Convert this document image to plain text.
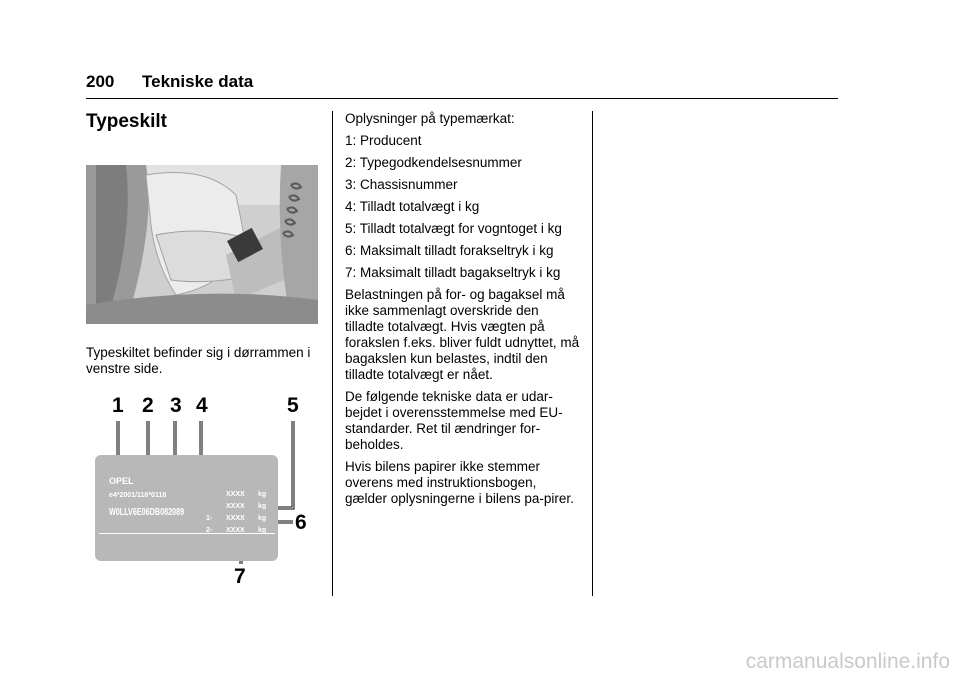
200 Tekniske data
Typeskilt
Typeskiltet befinder sig i dørrammen i venstre side.
1 2 3 4	5
OPEL
e4*2001/116*0118
W0LLV6E06DB082089
XXXX
XXXX
XXXX
XXXX
kg
kg
kg
kg
1-
2-	6
7

Oplysninger på typemærkat:

1: Producent

2: Typegodkendelsesnummer

3: Chassisnummer

4: Tilladt totalvægt i kg

5: Tilladt totalvægt for vogntoget i kg

6: Maksimalt tilladt forakseltryk i kg

7: Maksimalt tilladt bagakseltryk i kg

Belastningen på for- og bagaksel må ikke sammenlagt overskride den tilladte totalvægt. Hvis vægten på forakslen f.eks. bliver fuldt udnyttet, må bagakslen kun belastes, indtil den tilladte totalvægt er nået.

De følgende tekniske data er udar-bejdet i overensstemmelse med EU-standarder. Ret til ændringer for-beholdes.

Hvis bilens papirer ikke stemmer overens med instruktionsbogen, gælder oplysningerne i bilens pa-pirer.

carmanualsonline.info
